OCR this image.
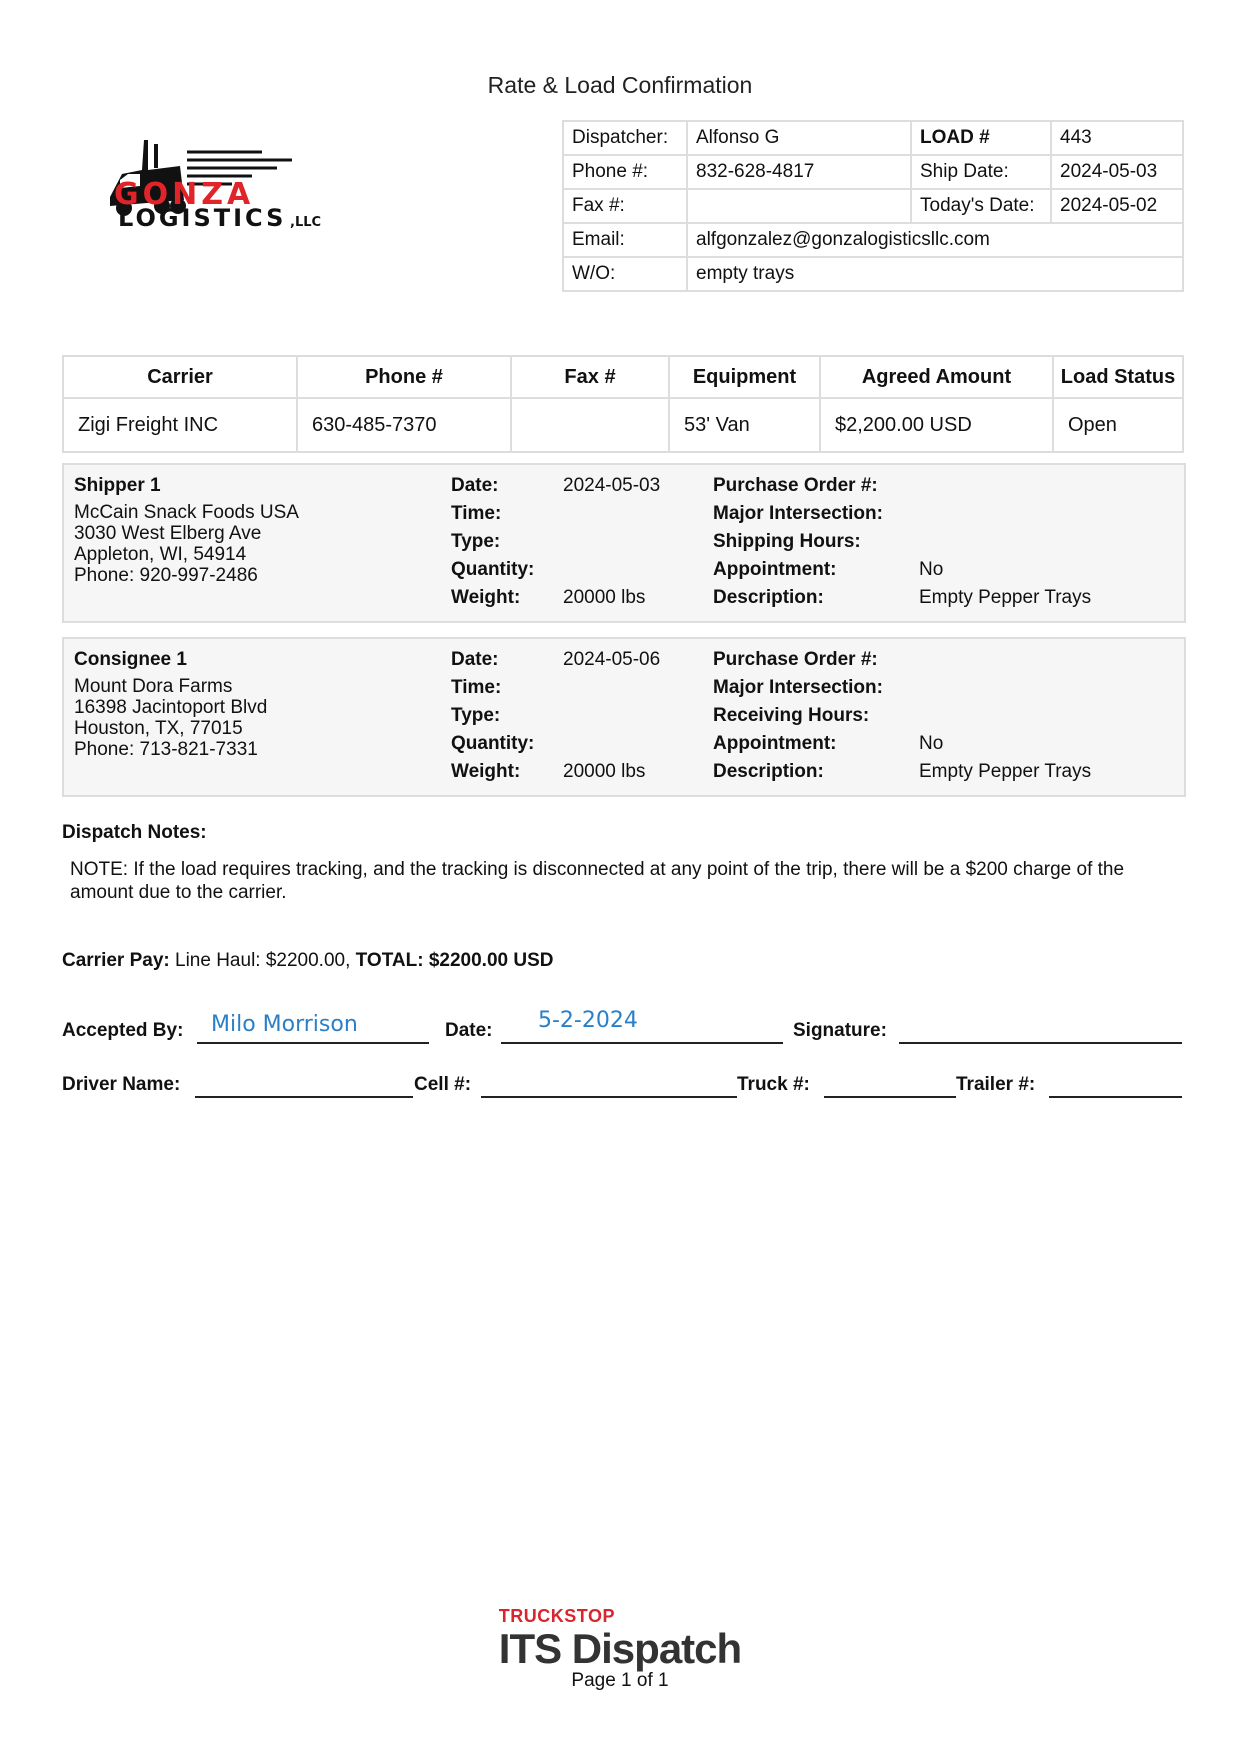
Rate & Load Confirmation
GONZA
LOGISTICS ,LLC
Dispatcher:	Alfonso G	LOAD #	443
Phone #:	832-628-4817	Ship Date:	2024-05-03
Fax #:		Today's Date:	2024-05-02
Email:	alfgonzalez@gonzalogisticsllc.com		
W/O:	empty trays		
Carrier	Phone #	Fax #	Equipment	Agreed Amount	Load Status
Zigi Freight INC	630-485-7370		53' Van	$2,200.00 USD	Open
Shipper 1
McCain Snack Foods USA
3030 West Elberg Ave
Appleton, WI, 54914
Phone: 920-997-2486
Date:	2024-05-03
Time:
Type:
Quantity:
Weight:	20000 lbs
Purchase Order #:
Major Intersection:
Shipping Hours:
Appointment:	No
Description:	Empty Pepper Trays
Consignee 1
Mount Dora Farms
16398 Jacintoport Blvd
Houston, TX, 77015
Phone: 713-821-7331
Date:	2024-05-06
Time:
Type:
Quantity:
Weight:	20000 lbs
Purchase Order #:
Major Intersection:
Receiving Hours:
Appointment:	No
Description:	Empty Pepper Trays
Dispatch Notes:
NOTE: If the load requires tracking, and the tracking is disconnected at any point of the trip, there will be a $200 charge of the amount due to the carrier.
Carrier Pay: Line Haul: $2200.00, TOTAL: $2200.00 USD
Accepted By: Milo Morrison	Date: 5-2-2024	Signature:
Driver Name:	Cell #:	Truck #:	Trailer #:
TRUCKSTOP
ITS Dispatch
Page 1 of 1
